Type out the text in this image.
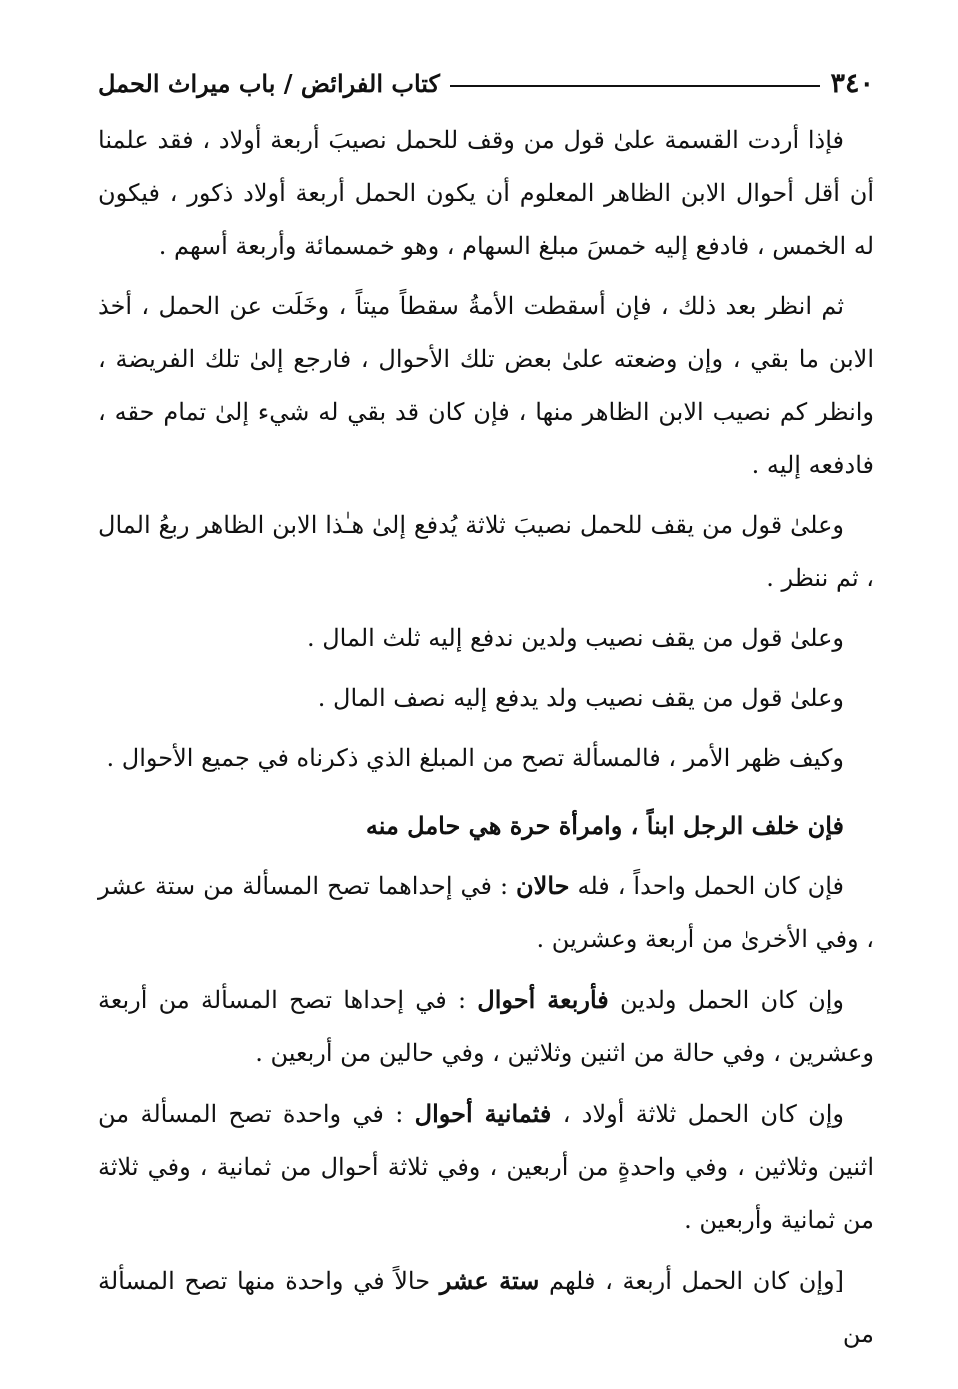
٣٤٠
كتاب الفرائض / باب ميراث الحمل

فإذا أردت القسمة علىٰ قول من وقف للحمل نصيبَ أربعة أولاد ، فقد علمنا أن أقل أحوال الابن الظاهر المعلوم أن يكون الحمل أربعة أولاد ذكور ، فيكون له الخمس ، فادفع إليه خمسَ مبلغ السهام ، وهو خمسمائة وأربعة أسهم .

ثم انظر بعد ذلك ، فإن أسقطت الأمةُ سقطاً ميتاً ، وخَلَت عن الحمل ، أخذ الابن ما بقي ، وإن وضعته علىٰ بعض تلك الأحوال ، فارجع إلىٰ تلك الفريضة ، وانظر كم نصيب الابن الظاهر منها ، فإن كان قد بقي له شيء إلىٰ تمام حقه ، فادفعه إليه .

وعلىٰ قول من يقف للحمل نصيبَ ثلاثة يُدفع إلىٰ هـٰذا الابن الظاهر ربعُ المال ، ثم ننظر .

وعلىٰ قول من يقف نصيب ولدين ندفع إليه ثلث المال .

وعلىٰ قول من يقف نصيب ولد يدفع إليه نصف المال .

وكيف ظهر الأمر ، فالمسألة تصح من المبلغ الذي ذكرناه في جميع الأحوال .

فإن خلف الرجل ابناً ، وامرأة حرة هي حامل منه

فإن كان الحمل واحداً ، فله حالان : في إحداهما تصح المسألة من ستة عشر ، وفي الأخرىٰ من أربعة وعشرين .

وإن كان الحمل ولدين فأربعة أحوال : في إحداها تصح المسألة من أربعة وعشرين ، وفي حالة من اثنين وثلاثين ، وفي حالين من أربعين .

وإن كان الحمل ثلاثة أولاد ، فثمانية أحوال : في واحدة تصح المسألة من اثنين وثلاثين ، وفي واحدةٍ من أربعين ، وفي ثلاثة أحوال من ثمانية ، وفي ثلاثة من ثمانية وأربعين .

[وإن كان الحمل أربعة ، فلهم ستة عشر حالاً في واحدة منها تصح المسألة من
